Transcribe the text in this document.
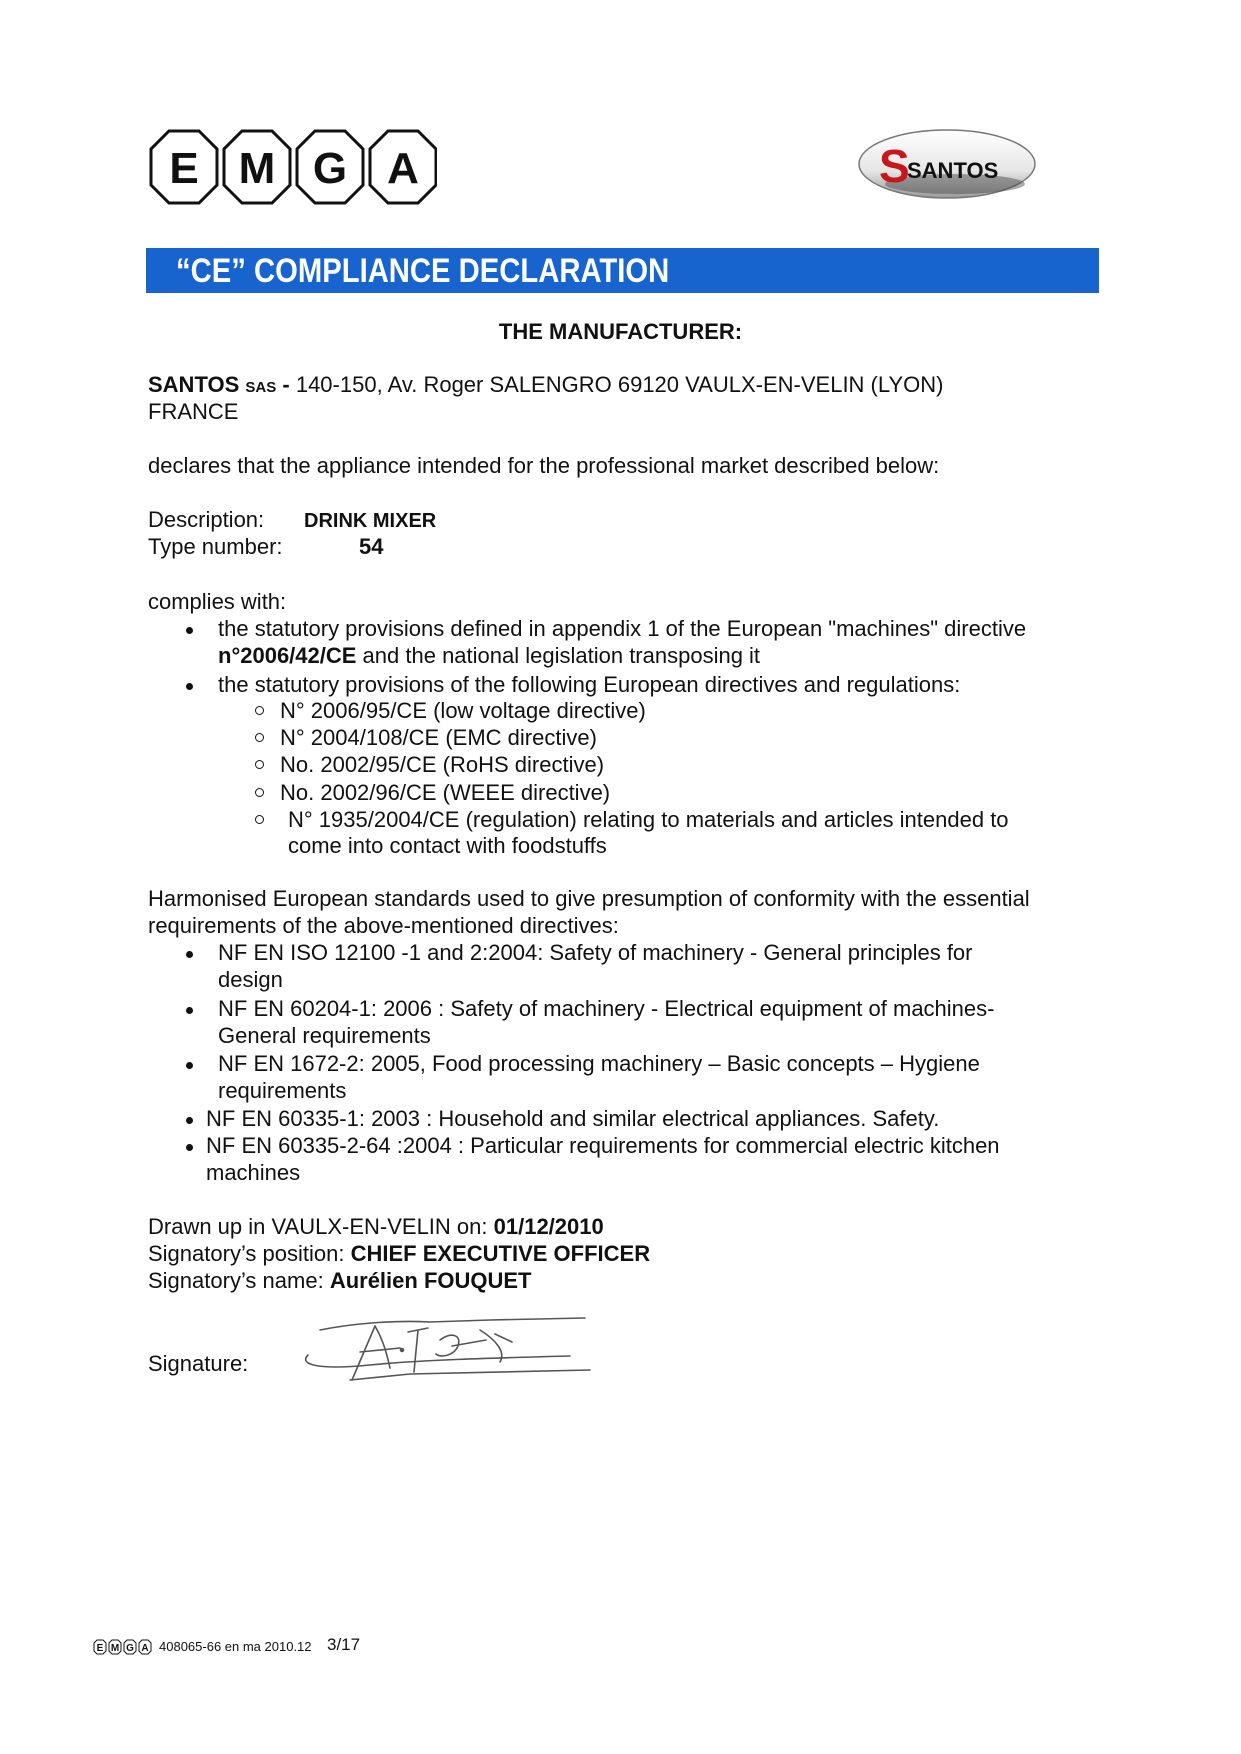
E M G A	S
SANTOS
“CE” COMPLIANCE DECLARATION
THE MANUFACTURER:
SANTOS SAS - 140-150, Av. Roger SALENGRO 69120 VAULX-EN-VELIN (LYON)
FRANCE
declares that the appliance intended for the professional market described below:
Description: DRINK MIXER
Type number:	54
complies with:
the statutory provisions defined in appendix 1 of the European "machines" directive
n°2006/42/CE and the national legislation transposing it
the statutory provisions of the following European directives and regulations:
N° 2006/95/CE (low voltage directive)
N° 2004/108/CE (EMC directive)
No. 2002/95/CE (RoHS directive)
No. 2002/96/CE (WEEE directive)
N° 1935/2004/CE (regulation) relating to materials and articles intended to
come into contact with foodstuffs
Harmonised European standards used to give presumption of conformity with the essential
requirements of the above-mentioned directives:
NF EN ISO 12100 -1 and 2:2004: Safety of machinery - General principles for
design
NF EN 60204-1: 2006 : Safety of machinery - Electrical equipment of machines-
General requirements
NF EN 1672-2: 2005, Food processing machinery – Basic concepts – Hygiene
requirements
NF EN 60335-1: 2003 : Household and similar electrical appliances. Safety.
NF EN 60335-2-64 :2004 : Particular requirements for commercial electric kitchen
machines
Drawn up in VAULX-EN-VELIN on: 01/12/2010
Signatory’s position: CHIEF EXECUTIVE OFFICER
Signatory’s name: Aurélien FOUQUET
Signature:
E M G A 408065-66 en ma 2010.12 3/17
